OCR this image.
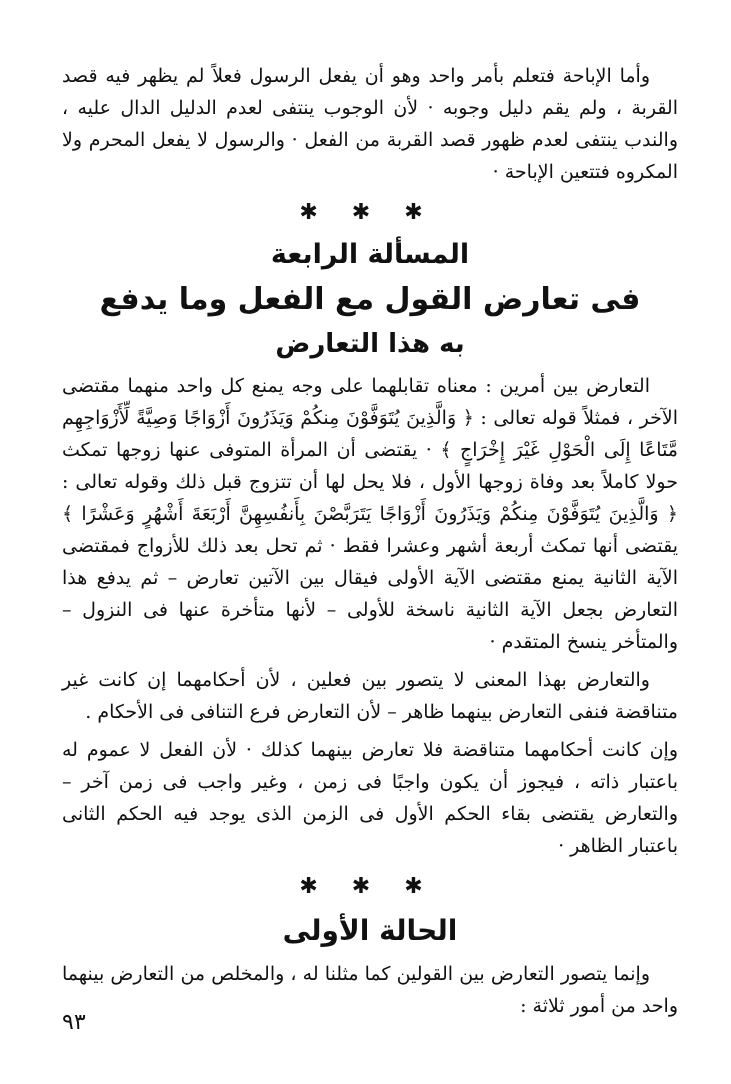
وأما الإباحة فتعلم بأمر واحد وهو أن يفعل الرسول فعلاً لم يظهر فيه قصد القربة ، ولم يقم دليل وجوبه · لأن الوجوب ينتفى لعدم الدليل الدال عليه ، والندب ينتفى لعدم ظهور قصد القربة من الفعل · والرسول لا يفعل المحرم ولا المكروه فتتعين الإباحة ·

✱✱✱
المسألة الرابعة
فى تعارض القول مع الفعل وما يدفع
به هذا التعارض

التعارض بين أمرين : معناه تقابلهما على وجه يمنع كل واحد منهما مقتضى الآخر ، فمثلاً قوله تعالى : ﴿ وَالَّذِينَ يُتَوَفَّوْنَ مِنكُمْ وَيَذَرُونَ أَزْوَاجًا وَصِيَّةً لِّأَزْوَاجِهِم مَّتَاعًا إِلَى الْحَوْلِ غَيْرَ إِخْرَاجٍ ﴾ · يقتضى أن المرأة المتوفى عنها زوجها تمكث حولا كاملاً بعد وفاة زوجها الأول ، فلا يحل لها أن تتزوج قبل ذلك وقوله تعالى : ﴿ وَالَّذِينَ يُتَوَفَّوْنَ مِنكُمْ وَيَذَرُونَ أَزْوَاجًا يَتَرَبَّصْنَ بِأَنفُسِهِنَّ أَرْبَعَةَ أَشْهُرٍ وَعَشْرًا ﴾ يقتضى أنها تمكث أربعة أشهر وعشرا فقط · ثم تحل بعد ذلك للأزواج فمقتضى الآية الثانية يمنع مقتضى الآية الأولى فيقال بين الآتين تعارض – ثم يدفع هذا التعارض بجعل الآية الثانية ناسخة للأولى – لأنها متأخرة عنها فى النزول – والمتأخر ينسخ المتقدم ·

والتعارض بهذا المعنى لا يتصور بين فعلين ، لأن أحكامهما إن كانت غير متناقضة فنفى التعارض بينهما ظاهر – لأن التعارض فرع التنافى فى الأحكام .

وإن كانت أحكامهما متناقضة فلا تعارض بينهما كذلك · لأن الفعل لا عموم له باعتبار ذاته ، فيجوز أن يكون واجبًا فى زمن ، وغير واجب فى زمن آخر – والتعارض يقتضى بقاء الحكم الأول فى الزمن الذى يوجد فيه الحكم الثانى باعتبار الظاهر ·

✱✱✱
الحالة الأولى

وإنما يتصور التعارض بين القولين كما مثلنا له ، والمخلص من التعارض بينهما واحد من أمور ثلاثة :

٩٣
